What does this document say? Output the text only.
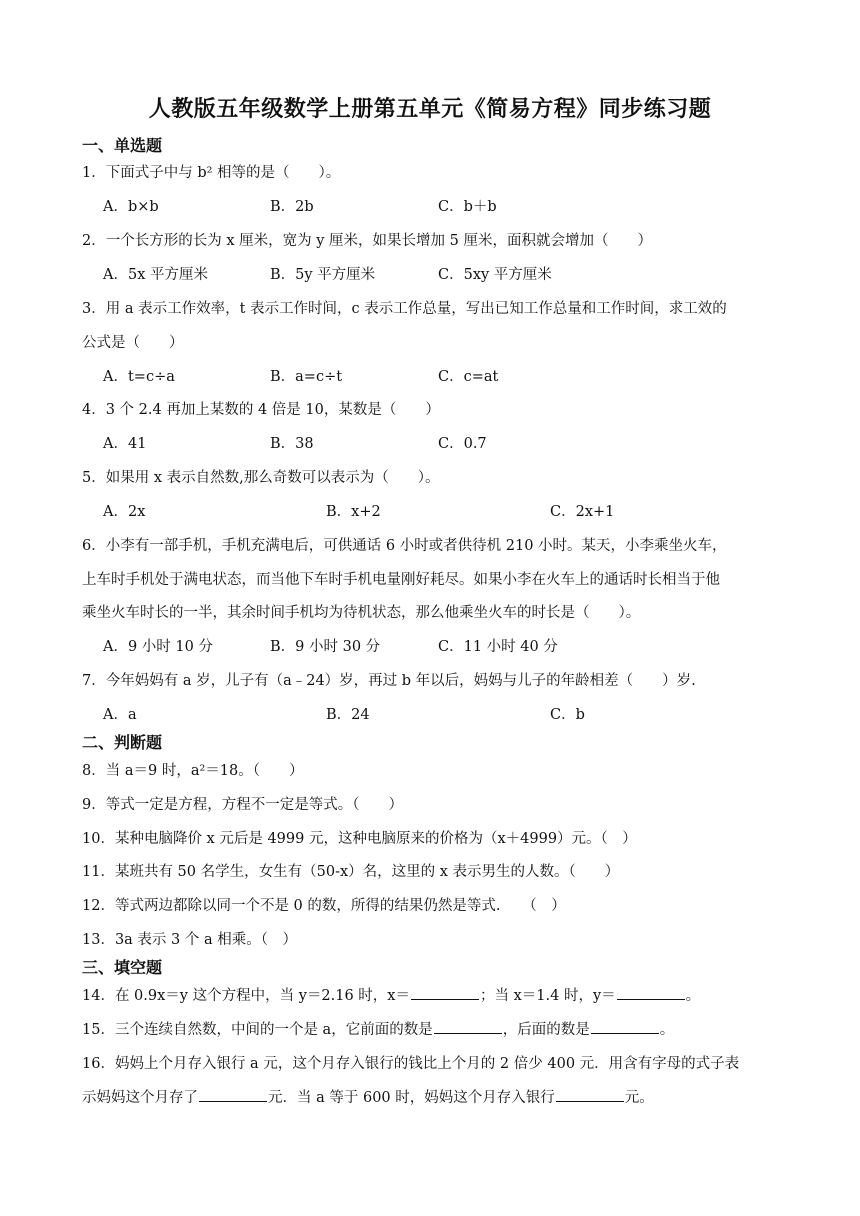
人教版五年级数学上册第五单元《简易方程》同步练习题
一、单选题
1．下面式子中与 b² 相等的是（　　）。
A．b×b	B．2b	C．b＋b
2．一个长方形的长为 x 厘米，宽为 y 厘米，如果长增加 5 厘米，面积就会增加（　　）
A．5x 平方厘米	B．5y 平方厘米	C．5xy 平方厘米
3．用 a 表示工作效率，t 表示工作时间，c 表示工作总量，写出已知工作总量和工作时间，求工效的
公式是（　　）
A．t=c÷a	B．a=c÷t	C．c=at
4．3 个 2.4 再加上某数的 4 倍是 10，某数是（　　）
A．41	B．38	C．0.7
5．如果用 x 表示自然数,那么奇数可以表示为（　　）。
A．2x	B．x+2	C．2x+1
6．小李有一部手机，手机充满电后，可供通话 6 小时或者供待机 210 小时。某天，小李乘坐火车，
上车时手机处于满电状态，而当他下车时手机电量刚好耗尽。如果小李在火车上的通话时长相当于他
乘坐火车时长的一半，其余时间手机均为待机状态，那么他乘坐火车的时长是（　　）。
A．9 小时 10 分	B．9 小时 30 分	C．11 小时 40 分
7．今年妈妈有 a 岁，儿子有（a﹣24）岁，再过 b 年以后，妈妈与儿子的年龄相差（　　）岁.
A．a	B．24	C．b
二、判断题
8．当 a＝9 时，a²＝18。（　　）
9．等式一定是方程，方程不一定是等式。（　　）
10．某种电脑降价 x 元后是 4999 元，这种电脑原来的价格为（x＋4999）元。（　）
11．某班共有 50 名学生，女生有（50-x）名，这里的 x 表示男生的人数。（　　）
12．等式两边都除以同一个不是 0 的数，所得的结果仍然是等式.　　（　）
13．3a 表示 3 个 a 相乘。（　）
三、填空题
14．在 0.9x＝y 这个方程中，当 y＝2.16 时，x＝	；当 x＝1.4 时，y＝	。
15．三个连续自然数，中间的一个是 a，它前面的数是	，后面的数是	。
16．妈妈上个月存入银行 a 元，这个月存入银行的钱比上个月的 2 倍少 400 元．用含有字母的式子表
示妈妈这个月存了	元．当 a 等于 600 时，妈妈这个月存入银行	元。
